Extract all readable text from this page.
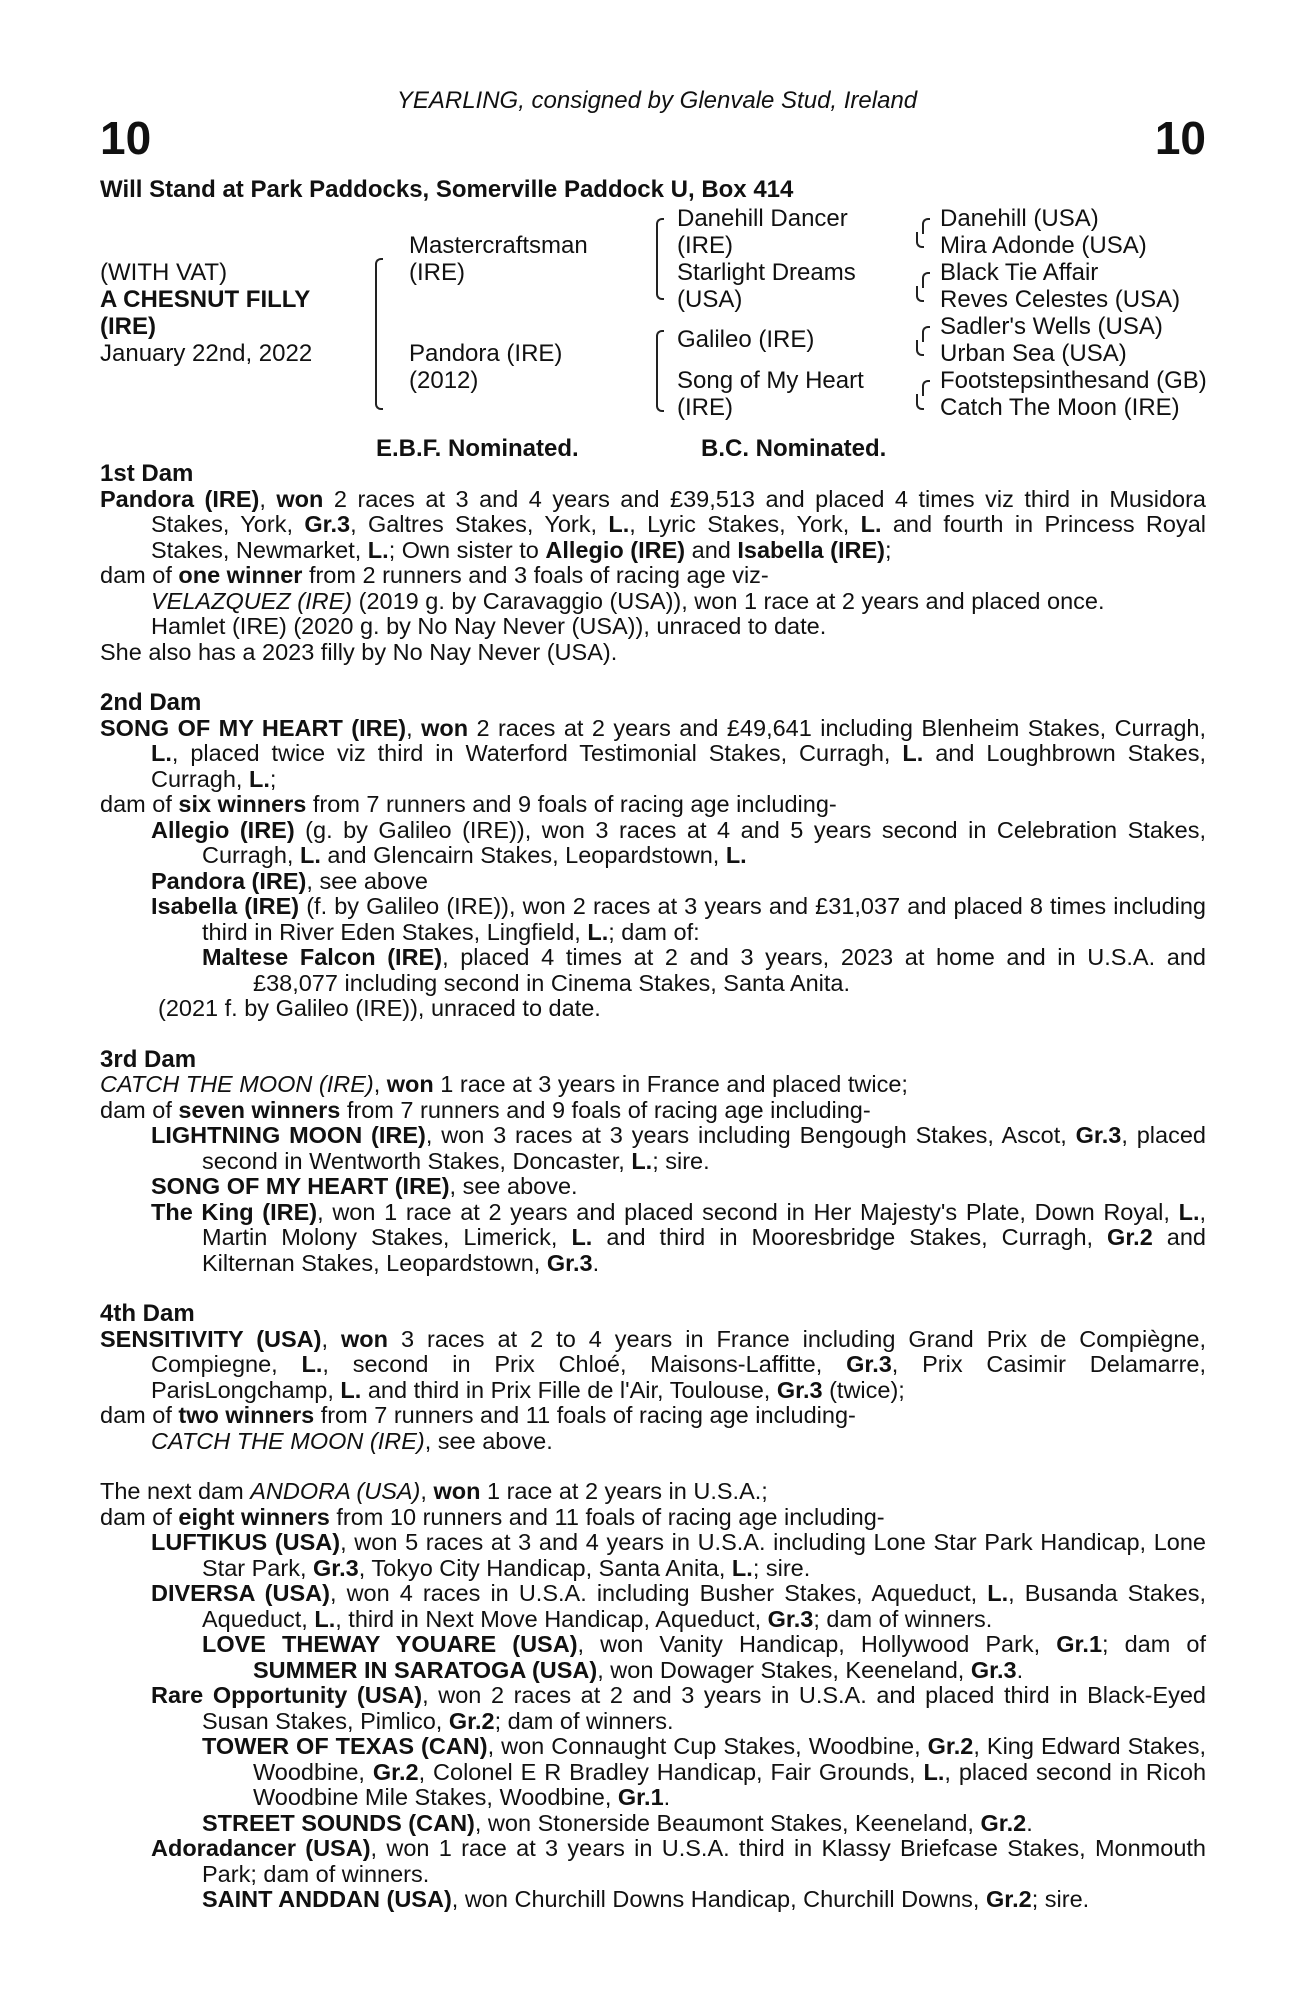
YEARLING, consigned by Glenvale Stud, Ireland
10	10
Will Stand at Park Paddocks, Somerville Paddock U, Box 414
(WITH VAT)
A CHESNUT FILLY
(IRE)
January 22nd, 2022
Mastercraftsman
(IRE)
Pandora (IRE)
(2012)
Danehill Dancer
(IRE)
Starlight Dreams
(USA)
Galileo (IRE)
Song of My Heart
(IRE)
Danehill (USA)
Mira Adonde (USA)
Black Tie Affair
Reves Celestes (USA)
Sadler's Wells (USA)
Urban Sea (USA)
Footstepsinthesand (GB)
Catch The Moon (IRE)
E.B.F. Nominated.	B.C. Nominated.

1st Dam

Pandora (IRE), won 2 races at 3 and 4 years and £39,513 and placed 4 times viz third in Musidora Stakes, York, Gr.3, Galtres Stakes, York, L., Lyric Stakes, York, L. and fourth in Princess Royal Stakes, Newmarket, L.; Own sister to Allegio (IRE) and Isabella (IRE);

dam of one winner from 2 runners and 3 foals of racing age viz-

VELAZQUEZ (IRE) (2019 g. by Caravaggio (USA)), won 1 race at 2 years and placed once.

Hamlet (IRE) (2020 g. by No Nay Never (USA)), unraced to date.

She also has a 2023 filly by No Nay Never (USA).

2nd Dam

SONG OF MY HEART (IRE), won 2 races at 2 years and £49,641 including Blenheim Stakes, Curragh, L., placed twice viz third in Waterford Testimonial Stakes, Curragh, L. and Loughbrown Stakes, Curragh, L.;

dam of six winners from 7 runners and 9 foals of racing age including-

Allegio (IRE) (g. by Galileo (IRE)), won 3 races at 4 and 5 years second in Celebration Stakes, Curragh, L. and Glencairn Stakes, Leopardstown, L.

Pandora (IRE), see above

Isabella (IRE) (f. by Galileo (IRE)), won 2 races at 3 years and £31,037 and placed 8 times including third in River Eden Stakes, Lingfield, L.; dam of:

Maltese Falcon (IRE), placed 4 times at 2 and 3 years, 2023 at home and in U.S.A. and £38,077 including second in Cinema Stakes, Santa Anita.

(2021 f. by Galileo (IRE)), unraced to date.

3rd Dam

CATCH THE MOON (IRE), won 1 race at 3 years in France and placed twice;

dam of seven winners from 7 runners and 9 foals of racing age including-

LIGHTNING MOON (IRE), won 3 races at 3 years including Bengough Stakes, Ascot, Gr.3, placed second in Wentworth Stakes, Doncaster, L.; sire.

SONG OF MY HEART (IRE), see above.

The King (IRE), won 1 race at 2 years and placed second in Her Majesty's Plate, Down Royal, L., Martin Molony Stakes, Limerick, L. and third in Mooresbridge Stakes, Curragh, Gr.2 and Kilternan Stakes, Leopardstown, Gr.3.

4th Dam

SENSITIVITY (USA), won 3 races at 2 to 4 years in France including Grand Prix de Compiègne, Compiegne, L., second in Prix Chloé, Maisons-Laffitte, Gr.3, Prix Casimir Delamarre, ParisLongchamp, L. and third in Prix Fille de l'Air, Toulouse, Gr.3 (twice);

dam of two winners from 7 runners and 11 foals of racing age including-

CATCH THE MOON (IRE), see above.

The next dam ANDORA (USA), won 1 race at 2 years in U.S.A.;

dam of eight winners from 10 runners and 11 foals of racing age including-

LUFTIKUS (USA), won 5 races at 3 and 4 years in U.S.A. including Lone Star Park Handicap, Lone Star Park, Gr.3, Tokyo City Handicap, Santa Anita, L.; sire.

DIVERSA (USA), won 4 races in U.S.A. including Busher Stakes, Aqueduct, L., Busanda Stakes, Aqueduct, L., third in Next Move Handicap, Aqueduct, Gr.3; dam of winners.

LOVE THEWAY YOUARE (USA), won Vanity Handicap, Hollywood Park, Gr.1; dam of SUMMER IN SARATOGA (USA), won Dowager Stakes, Keeneland, Gr.3.

Rare Opportunity (USA), won 2 races at 2 and 3 years in U.S.A. and placed third in Black-Eyed Susan Stakes, Pimlico, Gr.2; dam of winners.

TOWER OF TEXAS (CAN), won Connaught Cup Stakes, Woodbine, Gr.2, King Edward Stakes, Woodbine, Gr.2, Colonel E R Bradley Handicap, Fair Grounds, L., placed second in Ricoh Woodbine Mile Stakes, Woodbine, Gr.1.

STREET SOUNDS (CAN), won Stonerside Beaumont Stakes, Keeneland, Gr.2.

Adoradancer (USA), won 1 race at 3 years in U.S.A. third in Klassy Briefcase Stakes, Monmouth Park; dam of winners.

SAINT ANDDAN (USA), won Churchill Downs Handicap, Churchill Downs, Gr.2; sire.
